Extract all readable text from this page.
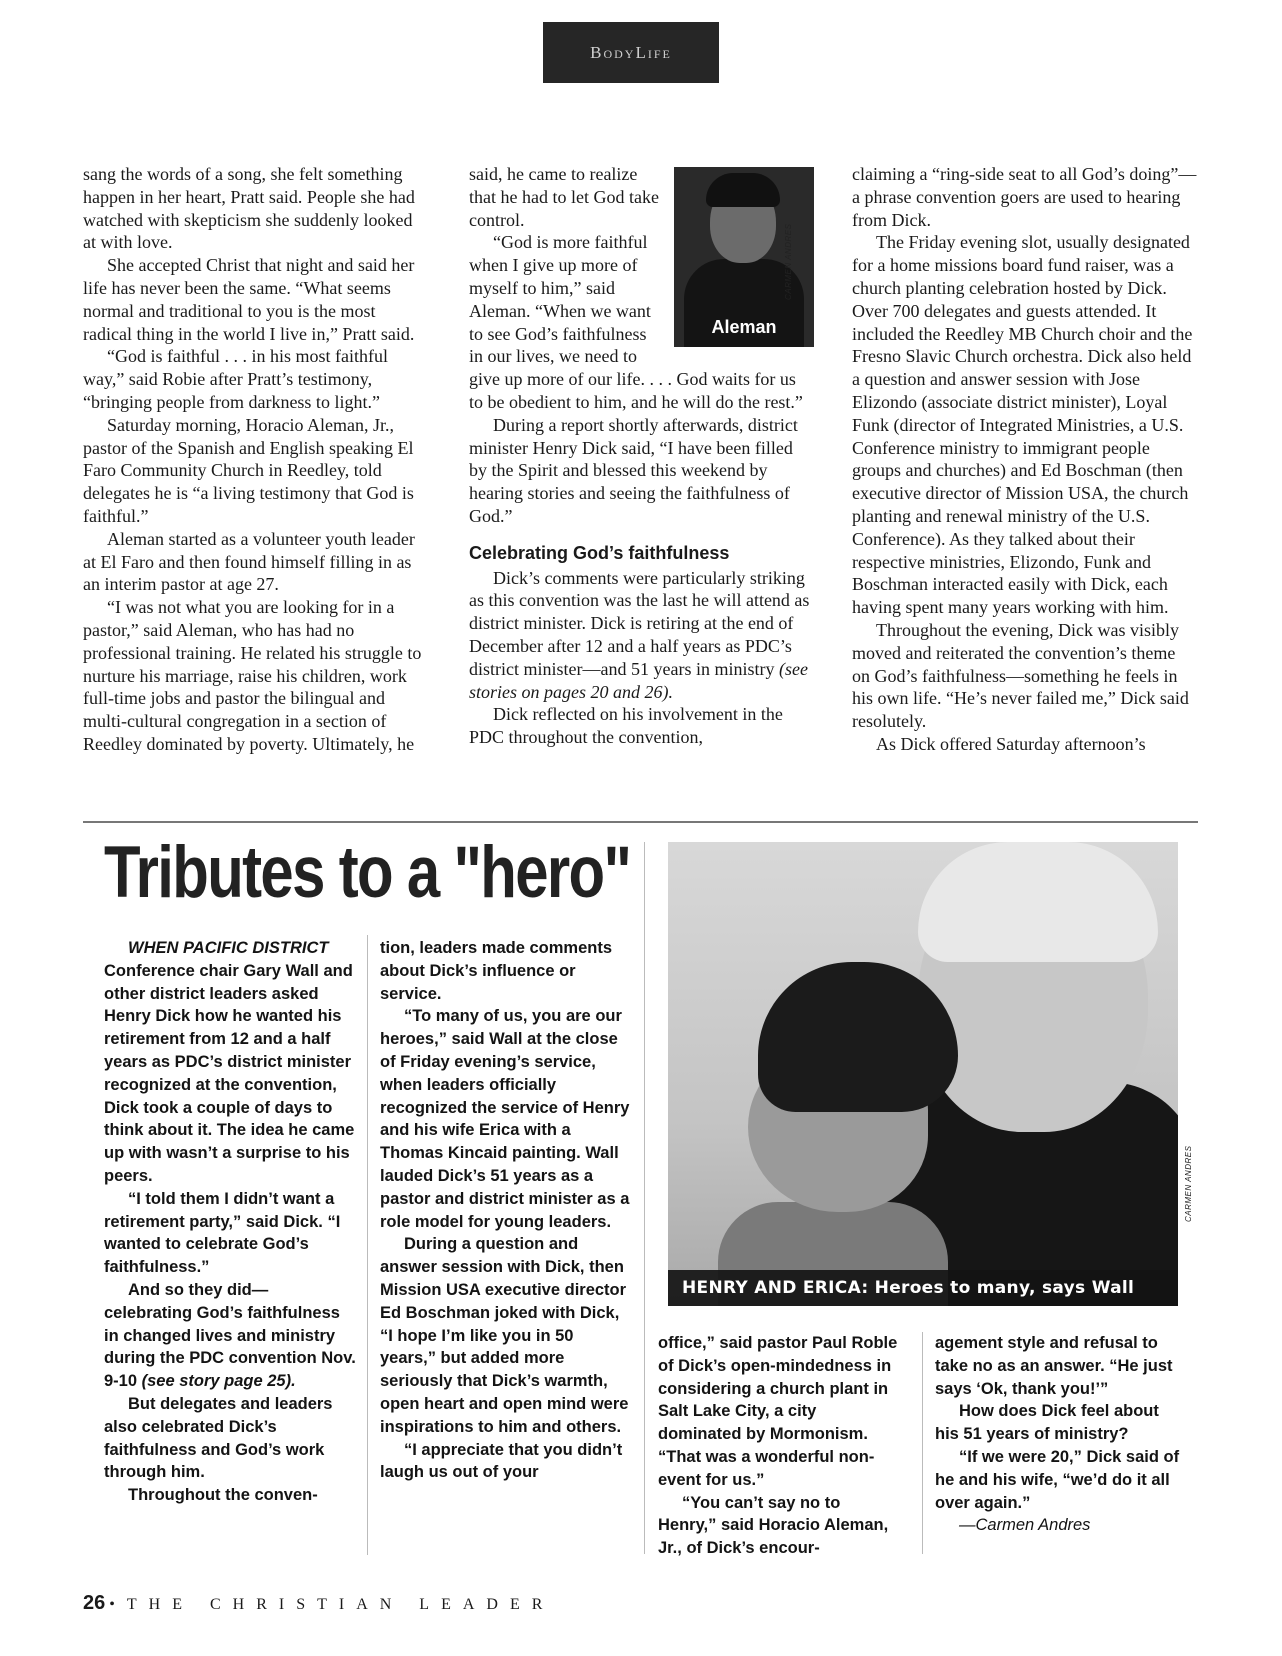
BodyLife

sang the words of a song, she felt something happen in her heart, Pratt said. People she had watched with skepticism she suddenly looked at with love.

She accepted Christ that night and said her life has never been the same. “What seems normal and traditional to you is the most radical thing in the world I live in,” Pratt said.

“God is faithful . . . in his most faithful way,” said Robie after Pratt’s testimony, “bringing people from darkness to light.”

Saturday morning, Horacio Aleman, Jr., pastor of the Spanish and English speaking El Faro Community Church in Reedley, told delegates he is “a living testimony that God is faithful.”

Aleman started as a volunteer youth leader at El Faro and then found himself filling in as an interim pastor at age 27.

“I was not what you are looking for in a pastor,” said Aleman, who has had no professional training. He related his struggle to nurture his marriage, raise his children, work full-time jobs and pastor the bilingual and multi-cultural congregation in a section of Reedley dominated by poverty. Ultimately, he

Aleman

said, he came to realize that he had to let God take control.

“God is more faithful when I give up more of myself to him,” said Aleman. “When we want to see God’s faithfulness in our lives, we need to give up more of our life. . . . God waits for us to be obedient to him, and he will do the rest.”

During a report shortly afterwards, district minister Henry Dick said, “I have been filled by the Spirit and blessed this weekend by hearing stories and seeing the faithfulness of God.”

Celebrating God’s faithfulness

Dick’s comments were particularly striking as this convention was the last he will attend as district minister. Dick is retiring at the end of December after 12 and a half years as PDC’s district minister—and 51 years in ministry (see stories on pages 20 and 26).

Dick reflected on his involvement in the PDC throughout the convention,

CARMEN ANDRES

claiming a “ring-side seat to all God’s doing”—a phrase convention goers are used to hearing from Dick.

The Friday evening slot, usually designated for a home missions board fund raiser, was a church planting celebration hosted by Dick. Over 700 delegates and guests attended. It included the Reedley MB Church choir and the Fresno Slavic Church orchestra. Dick also held a question and answer session with Jose Elizondo (associate district minister), Loyal Funk (director of Integrated Ministries, a U.S. Conference ministry to immigrant people groups and churches) and Ed Boschman (then executive director of Mission USA, the church planting and renewal ministry of the U.S. Conference). As they talked about their respective ministries, Elizondo, Funk and Boschman interacted easily with Dick, each having spent many years working with him.

Throughout the evening, Dick was visibly moved and reiterated the convention’s theme on God’s faithfulness—something he feels in his own life. “He’s never failed me,” Dick said resolutely.

As Dick offered Saturday afternoon’s

Tributes to a "hero"

WHEN PACIFIC DISTRICT

Conference chair Gary Wall and other district leaders asked Henry Dick how he wanted his retirement from 12 and a half years as PDC’s district minister recognized at the convention, Dick took a couple of days to think about it. The idea he came up with wasn’t a surprise to his peers.

“I told them I didn’t want a retirement party,” said Dick. “I wanted to celebrate God’s faithfulness.”

And so they did—celebrating God’s faithfulness in changed lives and ministry during the PDC convention Nov. 9-10 (see story page 25).

But delegates and leaders also celebrated Dick’s faithfulness and God’s work through him.

Throughout the conven-

tion, leaders made comments about Dick’s influence or service.

“To many of us, you are our heroes,” said Wall at the close of Friday evening’s service, when leaders officially recognized the service of Henry and his wife Erica with a Thomas Kincaid painting. Wall lauded Dick’s 51 years as a pastor and district minister as a role model for young leaders.

During a question and answer session with Dick, then Mission USA executive director Ed Boschman joked with Dick, “I hope I’m like you in 50 years,” but added more seriously that Dick’s warmth, open heart and open mind were inspirations to him and others.

“I appreciate that you didn’t laugh us out of your

HENRY AND ERICA: Heroes to many, says Wall
CARMEN ANDRES

office,” said pastor Paul Roble of Dick’s open-mindedness in considering a church plant in Salt Lake City, a city dominated by Mormonism. “That was a wonderful non-event for us.”

“You can’t say no to Henry,” said Horacio Aleman, Jr., of Dick’s encour-

agement style and refusal to take no as an answer. “He just says ‘Ok, thank you!’”

How does Dick feel about his 51 years of ministry?

“If we were 20,” Dick said of he and his wife, “we’d do it all over again.”

—Carmen Andres

26 • THE CHRISTIAN LEADER
